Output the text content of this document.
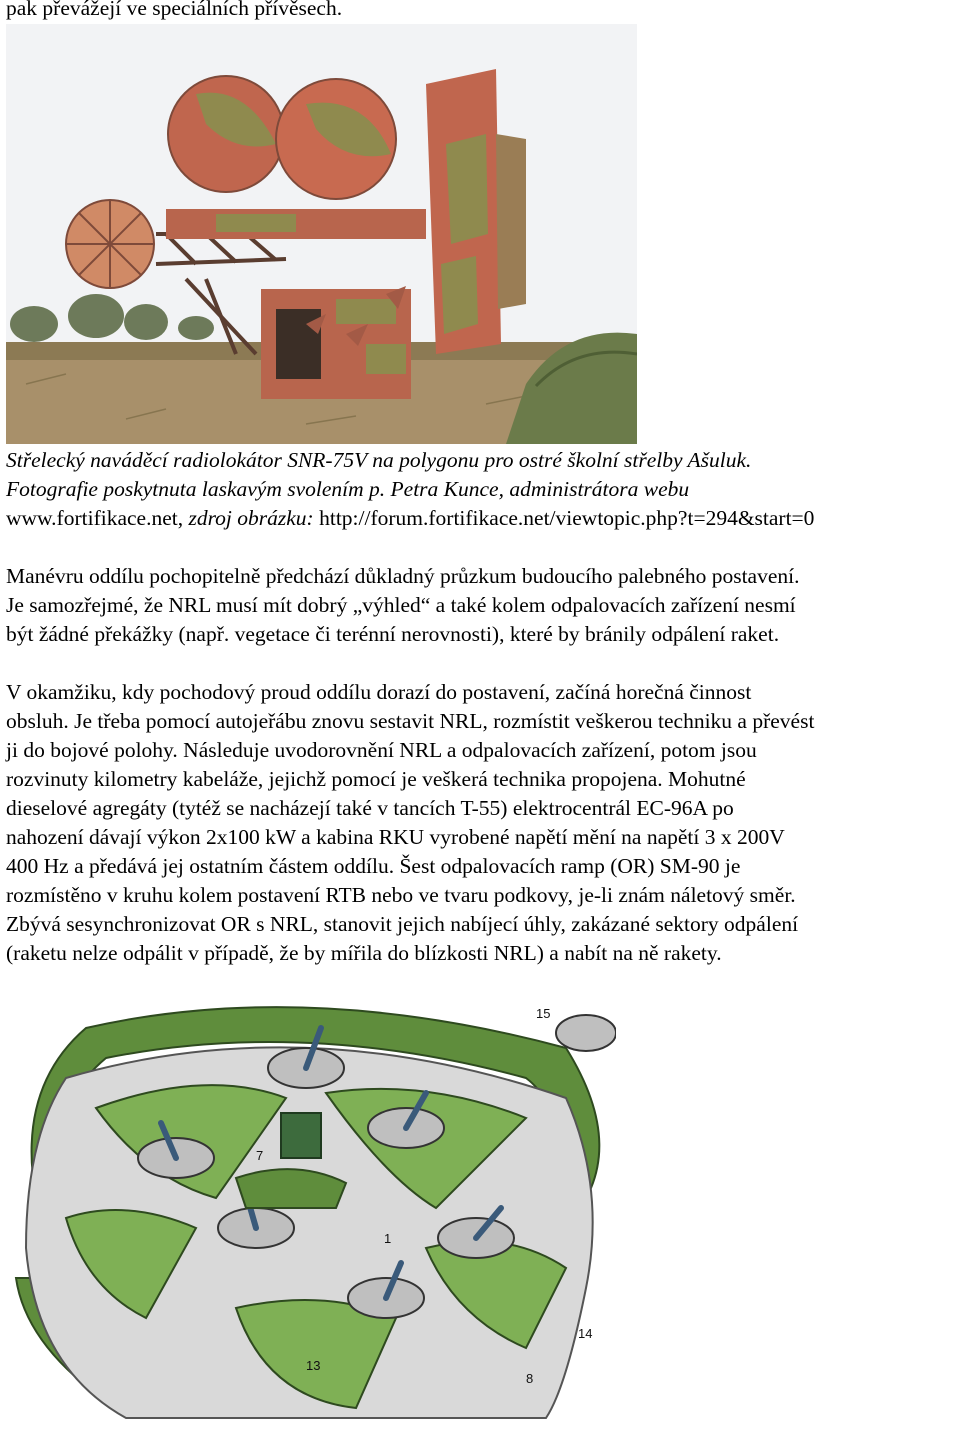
pak převážejí ve speciálních přívěsech.
Střelecký naváděcí radiolokátor SNR-75V na polygonu pro ostré školní střelby Ašuluk.
Fotografie poskytnuta laskavým svolením p. Petra Kunce, administrátora webu
www.fortifikace.net, zdroj obrázku: http://forum.fortifikace.net/viewtopic.php?t=294&start=0
Manévru oddílu pochopitelně předchází důkladný průzkum budoucího palebného postavení.
Je samozřejmé, že NRL musí mít dobrý „výhled“ a také kolem odpalovacích zařízení nesmí
být žádné překážky (např. vegetace či terénní nerovnosti), které by bránily odpálení raket.
V okamžiku, kdy pochodový proud oddílu dorazí do postavení, začíná horečná činnost
obsluh. Je třeba pomocí autojeřábu znovu sestavit NRL, rozmístit veškerou techniku a převést
ji do bojové polohy. Následuje uvodorovnění NRL a odpalovacích zařízení, potom jsou
rozvinuty kilometry kabeláže, jejichž pomocí je veškerá technika propojena. Mohutné
dieselové agregáty (tytéž se nacházejí také v tancích T-55) elektrocentrál EC-96A po
nahození dávají výkon 2x100 kW a kabina RKU vyrobené napětí mění na napětí 3 x 200V
400 Hz a předává jej ostatním částem oddílu. Šest odpalovacích ramp (OR) SM-90 je
rozmístěno v kruhu kolem postavení RTB nebo ve tvaru podkovy, je-li znám náletový směr.
Zbývá sesynchronizovat OR s NRL, stanovit jejich nabíjecí úhly, zakázané sektory odpálení
(raketu nelze odpálit v případě, že by mířila do blízkosti NRL) a nabít na ně rakety.
1
7
13
14
15
8
